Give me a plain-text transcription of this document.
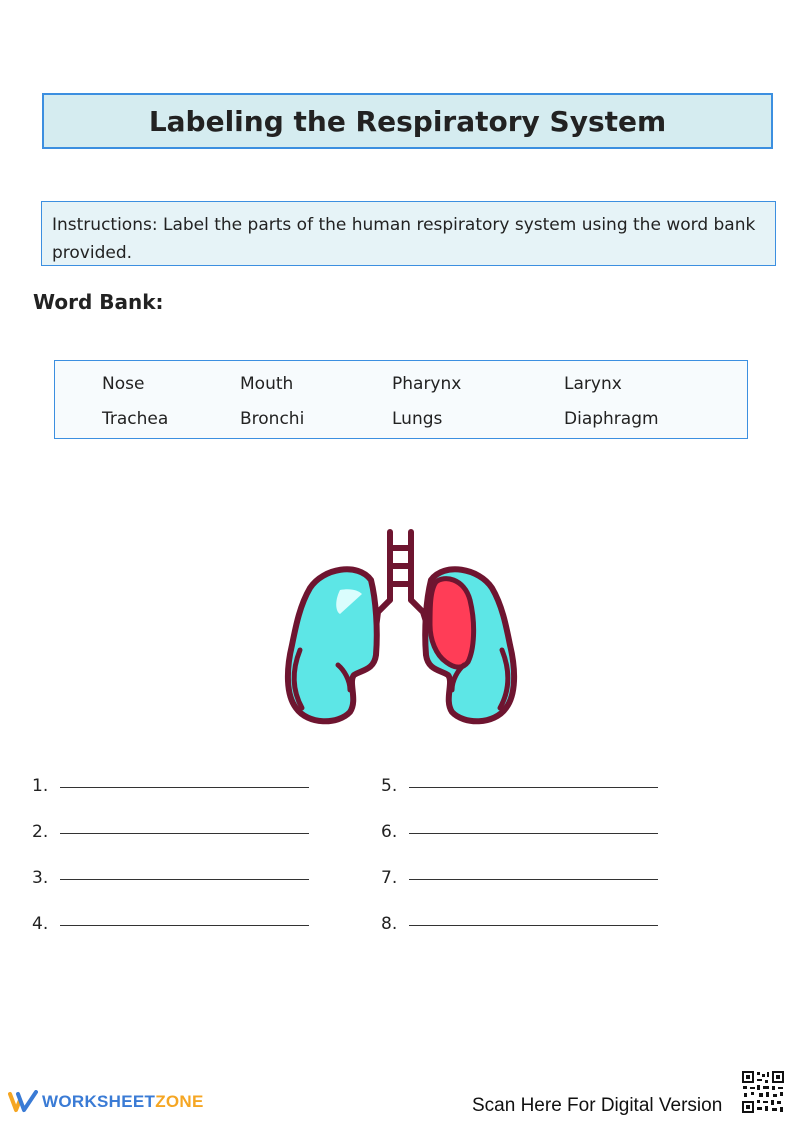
Labeling the Respiratory System
Instructions: Label the parts of the human respiratory system using the word bank provided.
Word Bank:
Nose	Mouth	Pharynx	Larynx
Trachea	Bronchi	Lungs	Diaphragm
1.
2.
3.
4.
5.
6.
7.
8.
WORKSHEETZONE	Scan Here For Digital Version
